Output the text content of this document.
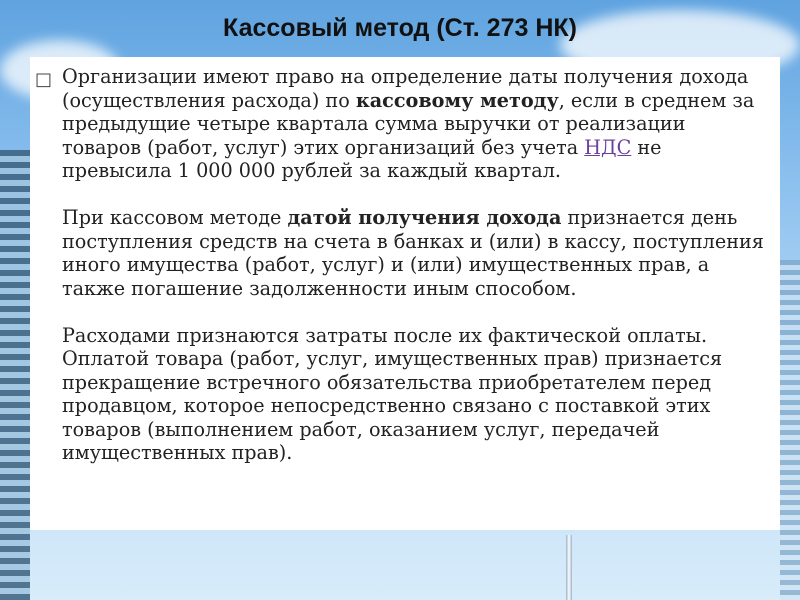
Кассовый метод (Ст. 273 НК)
□ Организации имеют право на определение даты получения дохода (осуществления расхода) по кассовому методу, если в среднем за предыдущие четыре квартала сумма выручки от реализации товаров (работ, услуг) этих организаций без учета НДС не превысила 1 000 000 рублей за каждый квартал.

При кассовом методе датой получения дохода признается день поступления средств на счета в банках и (или) в кассу, поступления иного имущества (работ, услуг) и (или) имущественных прав, а также погашение задолженности иным способом.

Расходами признаются затраты после их фактической оплаты. Оплатой товара (работ, услуг, имущественных прав) признается прекращение встречного обязательства приобретателем перед продавцом, которое непосредственно связано с поставкой этих товаров (выполнением работ, оказанием услуг, передачей имущественных прав).
